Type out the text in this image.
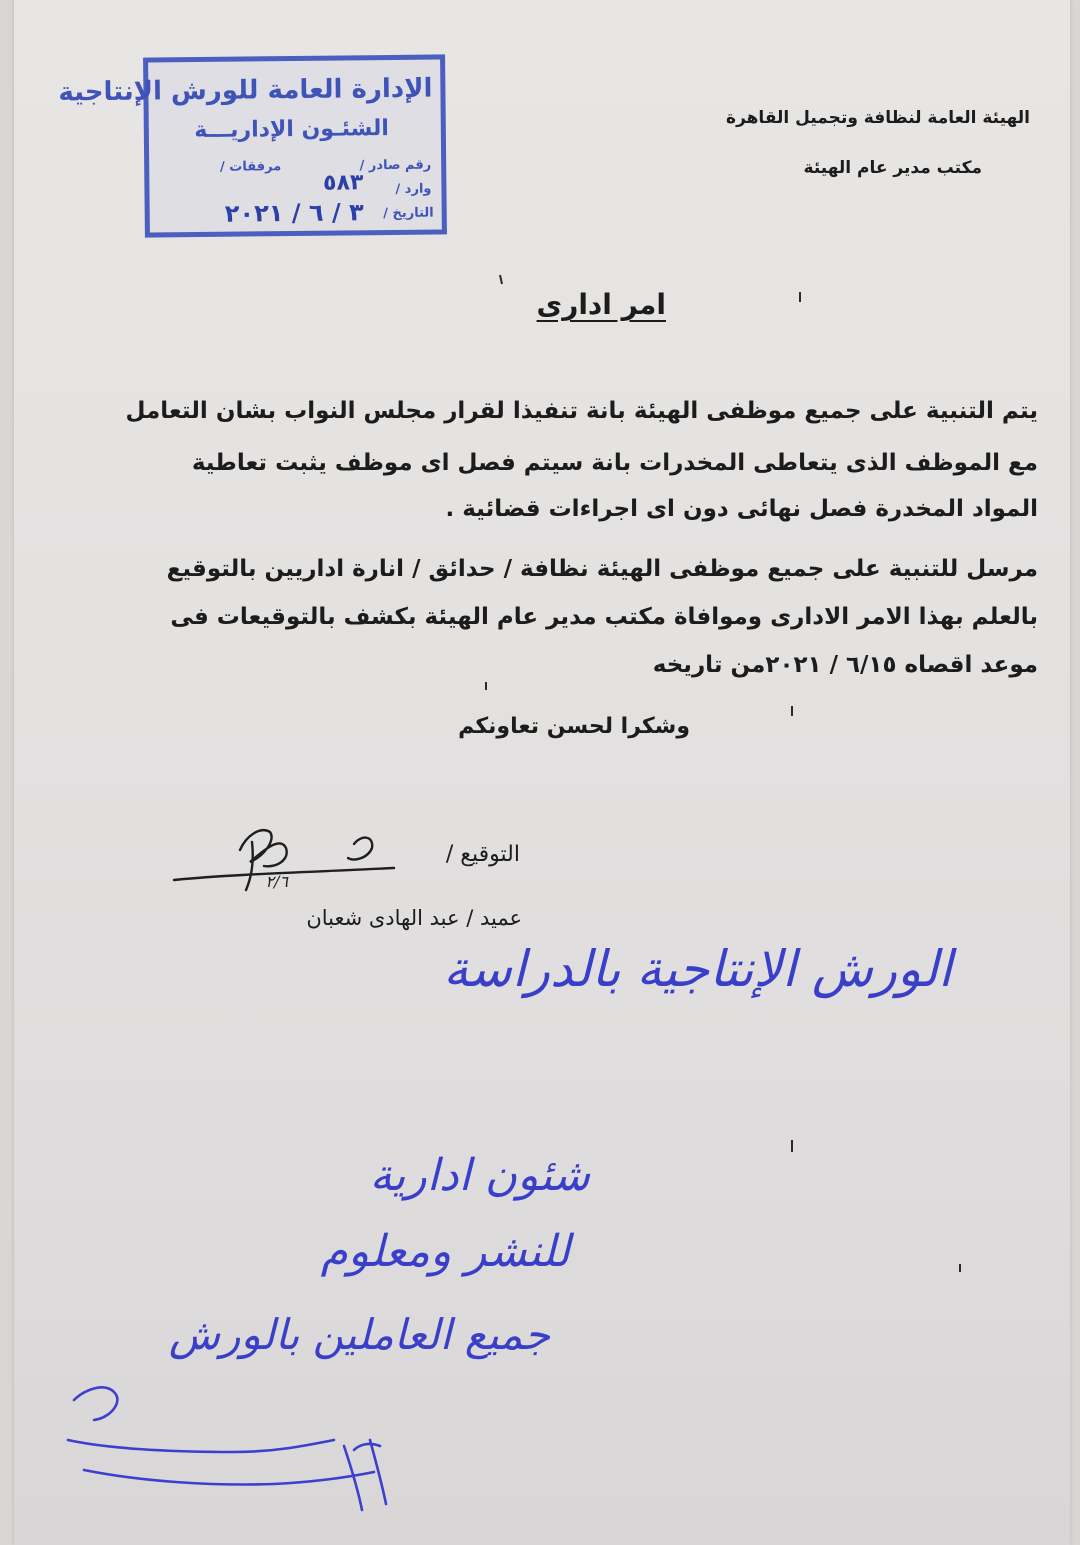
الإدارة العامة للورش الإنتاجية
الشئـون الإداريـــة
رقم صادر /
مرفقات /
وارد /
٥٨٣
التاريخ /
٣ / ٦ / ٢٠٢١
الهيئة العامة لنظافة وتجميل القاهرة
مكتب مدير عام الهيئة
امر ادارى
يتم التنبية على جميع موظفى الهيئة بانة تنفيذا لقرار مجلس النواب بشان التعامل
مع الموظف الذى يتعاطى المخدرات بانة سيتم فصل اى موظف يثبت تعاطية
المواد المخدرة فصل نهائى دون اى اجراءات قضائية .
مرسل للتنبية على جميع موظفى الهيئة نظافة / حدائق / انارة اداريين بالتوقيع
بالعلم بهذا الامر الادارى وموافاة مكتب مدير عام الهيئة بكشف بالتوقيعات فى
موعد اقصاه ٦/١٥ / ٢٠٢١من تاريخه
وشكرا لحسن تعاونكم
التوقيع /
عميد / عبد الهادى شعبان
٢/٦
الورش الإنتاجية بالدراسة
شئون ادارية
للنشر ومعلوم
جميع العاملين بالورش
